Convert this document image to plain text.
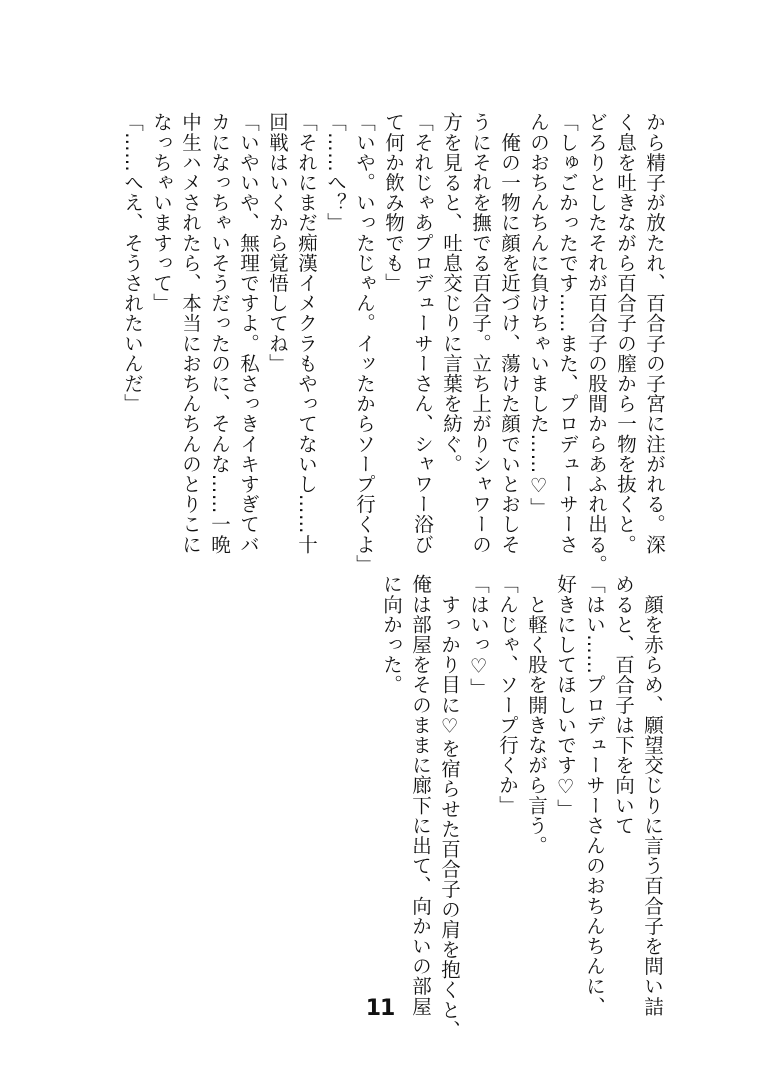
から精子が放たれ、百合子の子宮に注がれる。深
く息を吐きながら百合子の膣から一物を抜くと。
どろりとしたそれが百合子の股間からあふれ出る。
「しゅごかったです……また、プロデューサーさ
んのおちんちんに負けちゃいました……♡」
　俺の一物に顔を近づけ、蕩けた顔でいとおしそ
うにそれを撫でる百合子。立ち上がりシャワーの
方を見ると、吐息交じりに言葉を紡ぐ。
「それじゃあプロデューサーさん、シャワー浴び
て何か飲み物でも」
「いや。いったじゃん。イッたからソープ行くよ」
「……へ？」
「それにまだ痴漢イメクラもやってないし……十
回戦はいくから覚悟してね」
「いやいや、無理ですよ。私さっきイキすぎてバ
カになっちゃいそうだったのに、そんな……一晩
中生ハメされたら、本当におちんちんのとりこに
なっちゃいますって」
「……へえ、そうされたいんだ」
　顔を赤らめ、願望交じりに言う百合子を問い詰
めると、百合子は下を向いて
「はい……プロデューサーさんのおちんちんに、
好きにしてほしいです♡」
　と軽く股を開きながら言う。
「んじゃ、ソープ行くか」
「はいっ♡」
　すっかり目に♡を宿らせた百合子の肩を抱くと、
俺は部屋をそのままに廊下に出て、向かいの部屋
に向かった。
11
